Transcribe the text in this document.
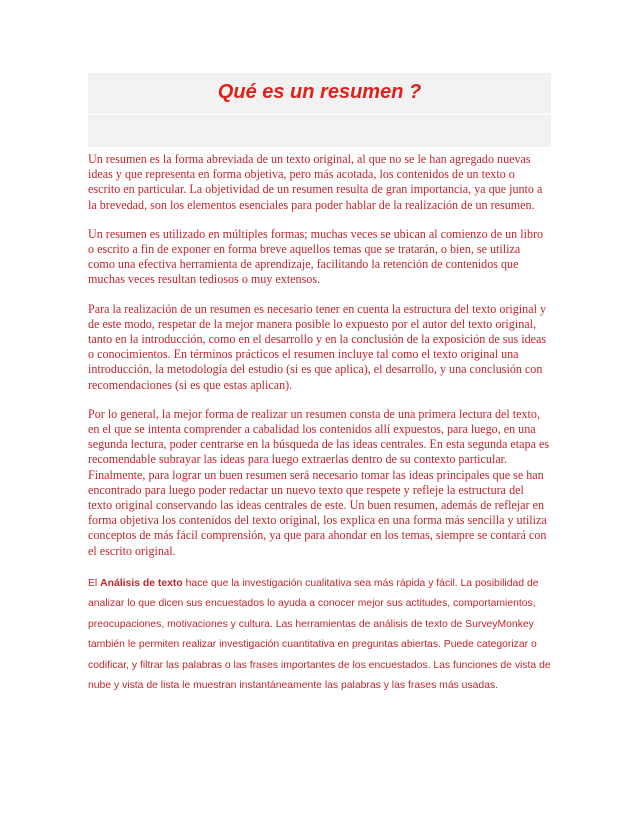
Qué es un resumen ?

Un resumen es la forma abreviada de un texto original, al que no se le han agregado nuevas ideas y que representa en forma objetiva, pero más acotada, los contenidos de un texto o escrito en particular. La objetividad de un resumen resulta de gran importancia, ya que junto a la brevedad, son los elementos esenciales para poder hablar de la realización de un resumen.

Un resumen es utilizado en múltiples formas; muchas veces se ubican al comienzo de un libro o escrito a fin de exponer en forma breve aquellos temas que se tratarán, o bien, se utiliza como una efectiva herramienta de aprendizaje, facilitando la retención de contenidos que muchas veces resultan tediosos o muy extensos.

Para la realización de un resumen es necesario tener en cuenta la estructura del texto original y de este modo, respetar de la mejor manera posible lo expuesto por el autor del texto original, tanto en la introducción, como en el desarrollo y en la conclusión de la exposición de sus ideas o conocimientos. En términos prácticos el resumen incluye tal como el texto original una introducción, la metodología del estudio (si es que aplica), el desarrollo, y una conclusión con recomendaciones (si es que estas aplican).

Por lo general, la mejor forma de realizar un resumen consta de una primera lectura del texto, en el que se intenta comprender a cabalidad los contenidos allí expuestos, para luego, en una segunda lectura, poder centrarse en la búsqueda de las ideas centrales. En esta segunda etapa es recomendable subrayar las ideas para luego extraerlas dentro de su contexto particular. Finalmente, para lograr un buen resumen será necesario tomar las ideas principales que se han encontrado para luego poder redactar un nuevo texto que respete y refleje la estructura del texto original conservando las ideas centrales de este. Un buen resumen, además de reflejar en forma objetiva los contenidos del texto original, los explica en una forma más sencilla y utiliza conceptos de más fácil comprensión, ya que para ahondar en los temas, siempre se contará con el escrito original.

El Análisis de texto hace que la investigación cualitativa sea más rápida y fácil. La posibilidad de analizar lo que dicen sus encuestados lo ayuda a conocer mejor sus actitudes, comportamientos, preocupaciones, motivaciones y cultura. Las herramientas de análisis de texto de SurveyMonkey también le permiten realizar investigación cuantitativa en preguntas abiertas. Puede categorizar o codificar, y filtrar las palabras o las frases importantes de los encuestados. Las funciones de vista de nube y vista de lista le muestran instantáneamente las palabras y las frases más usadas.
